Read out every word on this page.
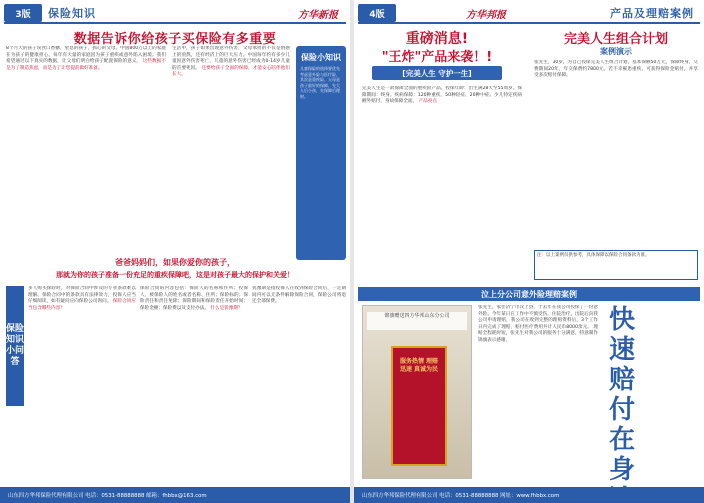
3版	保险知识	方华新报
数据告诉你给孩子买保险有多重要
8个月大的孩子误食口香糖，窒息的孩子，抓心的父母。中国800万以上的家庭在为孩子的健康担心。每年有大量的家庭因为孩子重疾或意外陷入困境。我们希望通过以下真实的数据，让父母们明白给孩子配置保险的意义。 这些数据不是为了制造焦虑，而是为了让您提前做好准备。
生活中，孩子如果出现意外伤害，父母承担的不仅是情感上的煎熬，还有经济上的巨大压力。中国每年约有多少儿童因意外伤害死亡，儿童的意外伤害已经成为0-14岁儿童的首要死因。 还要给孩子全面的保障，才能安心陪伴他们长大。
保险小知识
儿童保险的选择要优先考虑意外险与医疗险，其次是重疾险。父母是孩子最好的保障，先大人后小孩，先保障后理财。
爸爸妈妈们，如果你爱你的孩子，
那就为你的孩子准备一份充足的重疾保障吧，这是对孩子最大的保护和关爱！
保险知识小问答
多人购买保险时，对保险合同中涉及的专业条款难以理解。保险合同中的条款具有法律效力，投保人应当仔细阅读，如有疑问应向保险公司询问。 保险合同应当包含哪些内容？
保险合同的内容包括：保险人的名称和住所；投保人、被保险人的姓名或者名称、住所；保险标的；保险责任和责任免除；保险期间和保险责任开始时间；保险金额；保险费以及支付办法。 什么是犹豫期？
犹豫期是指投保人在收到保险合同后，一定期间内可以无条件解除保险合同，保险公司将退还全部保费。
山东四方华邦保险代理有限公司 电话：0531-88888888 邮箱：fhbbx@163.com
4版	方华邦报	产品及理赔案例
重磅消息!
"王炸"产品来袭！!
[完美人生 守护一生]
完美人生是一款保障全面的重疾险产品。投保年龄：出生满28天至55周岁。保障期间：终身。疾病保障：120种重疾、50种轻症、20种中症。少儿特定疾病额外赔付，身故保障全面。 产品亮点
完美人生组合计划
案例演示
张先生，30岁，为自己投保完美人生组合计划，基本保额50万元，保障终身，交费期间20年，年交保费约7800元。若不幸罹患重疾，可获得保险金赔付，并享受多次赔付保障。
注：以上案例仅供参考，具体保障以保险合同条款为准。
泣上分公司意外险理赔案例
锦旗赠送四方华邦山东分公司
服务热情 理赔迅速 真诚为民
张先生，家住济宁市汶上县，于去年在我公司投保了一份意外险。今年某日在工作中不慎受伤，住院治疗。出院后向我公司申请理赔，我公司在收到完整的理赔资料后，3个工作日内完成了理赔，赔付医疗费用共计人民币8000余元。 理赔全程耗时短，张先生对我公司的服务十分满意，特意制作锦旗表示感谢。
快速赔付在身
山东四方华邦保险代理有限公司 电话：0531-88888888 网址：www.fhbbx.com
